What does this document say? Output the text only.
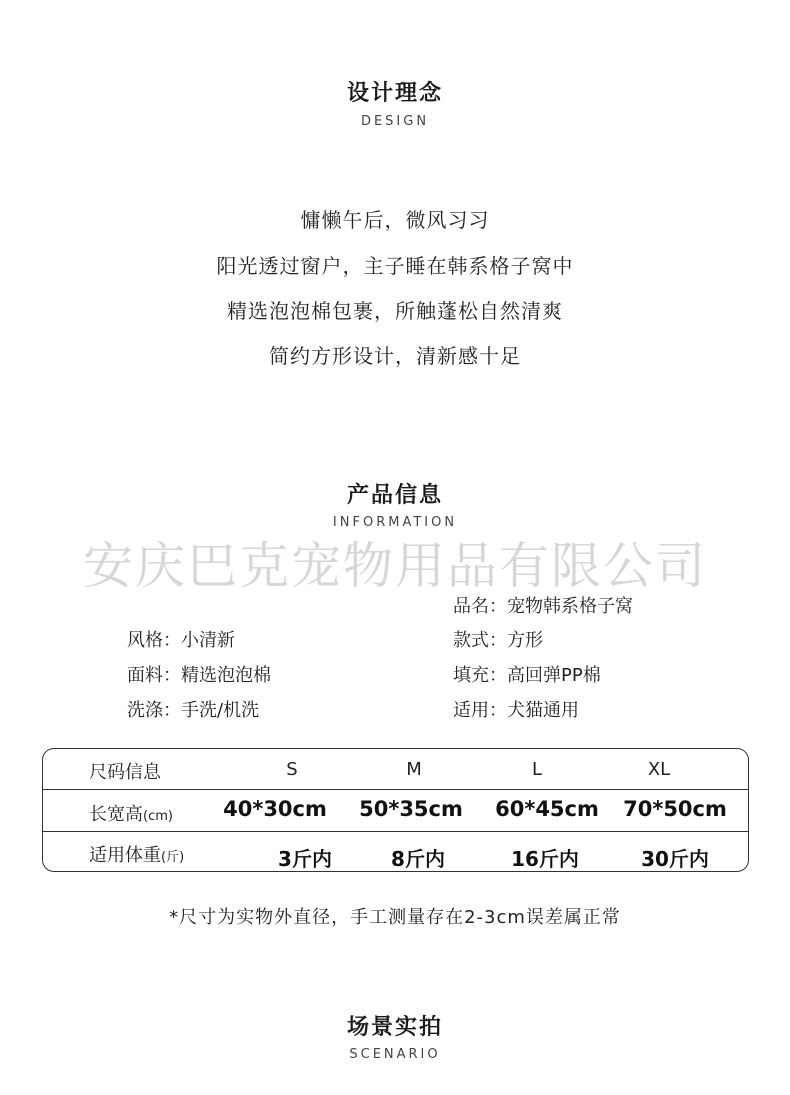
设计理念
DESIGN
慵懒午后，微风习习
阳光透过窗户，主子睡在韩系格子窝中
精选泡泡棉包裹，所触蓬松自然清爽
简约方形设计，清新感十足
产品信息
INFORMATION
安庆巴克宠物用品有限公司
风格：小清新
面料：精选泡泡棉
洗涤：手洗/机洗
品名：宠物韩系格子窝
款式：方形
填充：高回弹PP棉
适用：犬猫通用
尺码信息	S	M	L	XL
长宽高(cm)	40*30cm	50*35cm	60*45cm	70*50cm
适用体重(斤)	3斤内	8斤内	16斤内	30斤内
*尺寸为实物外直径，手工测量存在2-3cm误差属正常
场景实拍
SCENARIO
